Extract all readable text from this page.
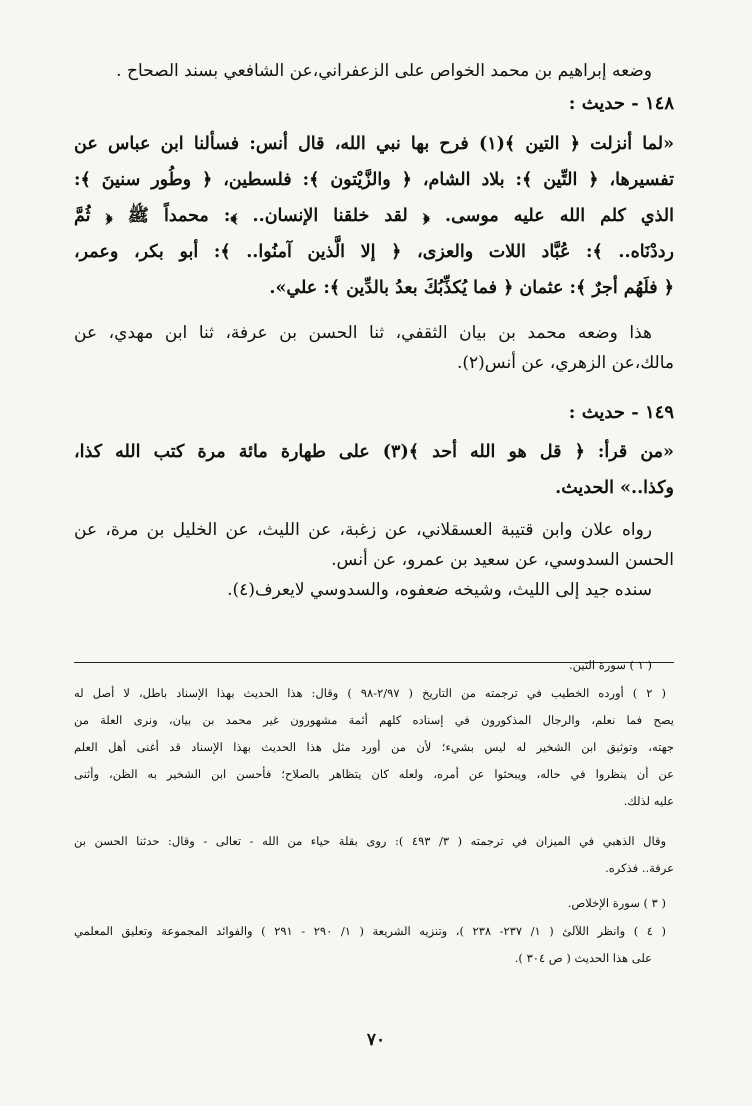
وضعه إبراهيم بن محمد الخواص على الزعفراني،عن الشافعي بسند الصحاح .
١٤٨ - حديث :
«لما أنزلت ﴿ التين ﴾(١) فرح بها نبي الله، قال أنس: فسألنا ابن عباس عن
تفسيرها، ﴿ التِّين ﴾: بلاد الشام، ﴿ والزَّيْتون ﴾: فلسطين، ﴿ وطُور سنينَ ﴾:
الذي كلم الله عليه موسى. ﴿ لقد خلقنا الإنسان.. ﴾: محمداً ﷺ ﴿ ثُمَّ
رددْنَاه.. ﴾: عُبَّاد اللات والعزى، ﴿ إلا الَّذين آمنُوا.. ﴾: أبو بكر، وعمر،
﴿ فلَهُم أجرٌ ﴾: عثمان ﴿ فما يُكذِّبُكَ بعدُ بالدِّين ﴾: علي».
هذا وضعه محمد بن بيان الثقفي، ثنا الحسن بن عرفة، ثنا ابن مهدي، عن
مالك،عن الزهري، عن أنس(٢).
١٤٩ - حديث :
«من قرأ: ﴿ قل هو الله أحد ﴾(٣) على طهارة مائة مرة كتب الله كذا،
وكذا..» الحديث.
رواه علان وابن قتيبة العسقلاني، عن زغبة، عن الليث، عن الخليل بن مرة، عن
الحسن السدوسي، عن سعيد بن عمرو، عن أنس.
سنده جيد إلى الليث، وشيخه ضعفوه، والسدوسي لايعرف(٤).
( ١ ) سورة التين.
( ٢ ) أورده الخطيب في ترجمته من التاريخ ( ٢/٩٧-٩٨ ) وقال: هذا الحديث بهذا الإسناد باطل، لا أصل له
يصح فما نعلم، والرجال المذكورون في إسناده كلهم أئمة مشهورون غير محمد بن بيان، ونرى العلة من
جهته، وتوثيق ابن الشخير له ليس بشيء؛ لأن من أورد مثل هذا الحديث بهذا الإسناد قد أغنى أهل العلم
عن أن ينظروا في حاله، ويبحثوا عن أمره، ولعله كان يتظاهر بالصلاح؛ فأحسن ابن الشخير به الظن، وأثنى
عليه لذلك.
وقال الذهبي في الميزان في ترجمته ( ٣/ ٤٩٣ ): روى بقلة حياء من الله - تعالى - وقال: حدثنا الحسن بن
عرفة.. فذكره.
( ٣ ) سورة الإخلاص.
( ٤ ) وانظر اللآلئ ( ١/ ٢٣٧- ٢٣٨ )، وتنزيه الشريعة ( ١/ ٢٩٠ - ٢٩١ ) والفوائد المجموعة وتعليق المعلمي
على هذا الحديث ( ص ٣٠٤ ).
٧٠
